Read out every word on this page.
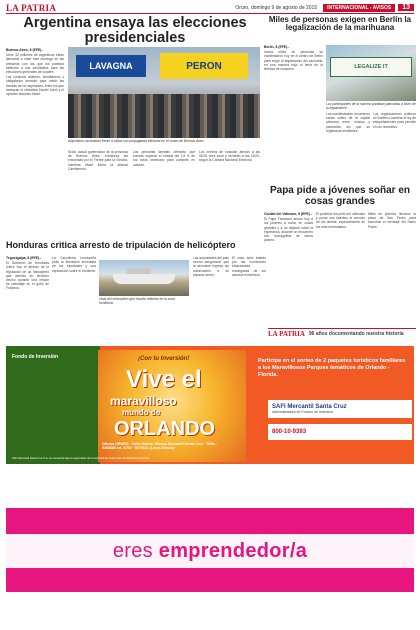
LA PATRIA	Oruro, domingo 9 de agosto de 2015	INTERNACIONAL - AVISOS	13
Argentina ensaya las elecciones presidenciales
Buenos Aires, 8 (EFE).-

Unos 32 millones de argentinos están llamados a votar este domingo en las primarias con las que los partidos definirán a sus candidatos para las elecciones generales de octubre.

Los comicios abiertos, simultáneos y obligatorios servirán para medir las fuerzas de los aspirantes, entre los que destacan el oficialista Daniel Scioli y el opositor Mauricio Macri.

LAVAGNA	PERON
Argentinos caminaban frente a vallas con propaganda electoral en el centro de Buenos Aires.

Scioli, actual gobernador de la provincia de Buenos Aires, encabeza las encuestas por el Frente para la Victoria, mientras Macri lidera la alianza Cambiemos.

Las primarias también definirán qué fuerzas superan el umbral del 1,5 % de los votos necesario para competir en octubre.

Los centros de votación abrirán a las 08.00 hora local y cerrarán a las 18.00, según la Cámara Nacional Electoral.

Miles de personas exigen en Berlín la legalización de la marihuana
Berlín, 8 (EFE).-

Varios miles de personas se manifestaron hoy en el centro de Berlín para exigir la legalización del cannabis, en una marcha bajo el lema de la libertad de consumo.	LEGALIZE IT
Los participantes de la marcha portaban pancartas a favor de la legalización.

Los manifestantes recorrieron varias calles de la capital alemana entre música y pancartas, sin que se registraran incidentes.

Los organizadores pidieron al Gobierno cambiar la ley de estupefacientes para permitir el uso recreativo.

Papa pide a jóvenes soñar en cosas grandes
Ciudad del Vaticano, 8 (EFE).-

El Papa Francisco animó hoy a los jóvenes a soñar en cosas grandes y a no dejarse robar la esperanza, durante un encuentro con monaguillos de varios países.

El pontífice les pidió ser valientes y poner sus talentos al servicio de los demás, especialmente de los más necesitados.

Miles de jóvenes llenaron la plaza de San Pedro para escuchar el mensaje del Santo Padre.

Honduras critica arresto de tripulación de helicóptero
Tegucigalpa, 8 (EFE).-

El Gobierno de Honduras criticó hoy el arresto de la tripulación de un helicóptero que aterrizó en territorio vecino durante una misión de patrullaje en el golfo de Fonseca.

La Cancillería hondureña pidió la liberación inmediata de los tripulantes y una explicación sobre el incidente.

Vista del helicóptero que resultó retenido en la zona fronteriza.

Las autoridades del país vecino aseguraron que la aeronave ingresó sin autorización a su espacio aéreo.

El caso será tratado por las comisiones binacionales encargadas de los asuntos fronterizos.

LA PATRIA 96 años documentando nuestra historia
Fondo de Inversión	¡Con tu Inversión!
Vive el
maravilloso
mundo de
ORLANDO
Participa en el sorteo de 2 paquetes turísticos familiares a los Maravillosos Parques temáticos de Orlando - Florida.
SAFI Mercantil Santa Cruz
Administradora de Fondos de Inversión
800-10-9393
Oficina ORURO · Calle Bolívar Oficina Mercantil Santa Cruz · Telfs.: 5253688 int. 5765 · 5273331 (Línea Directa)
SAFI Mercantil Santa Cruz S.A. se encuentra bajo la supervisión de la Autoridad de Supervisión del Sistema Financiero.
eres emprendedor/a
